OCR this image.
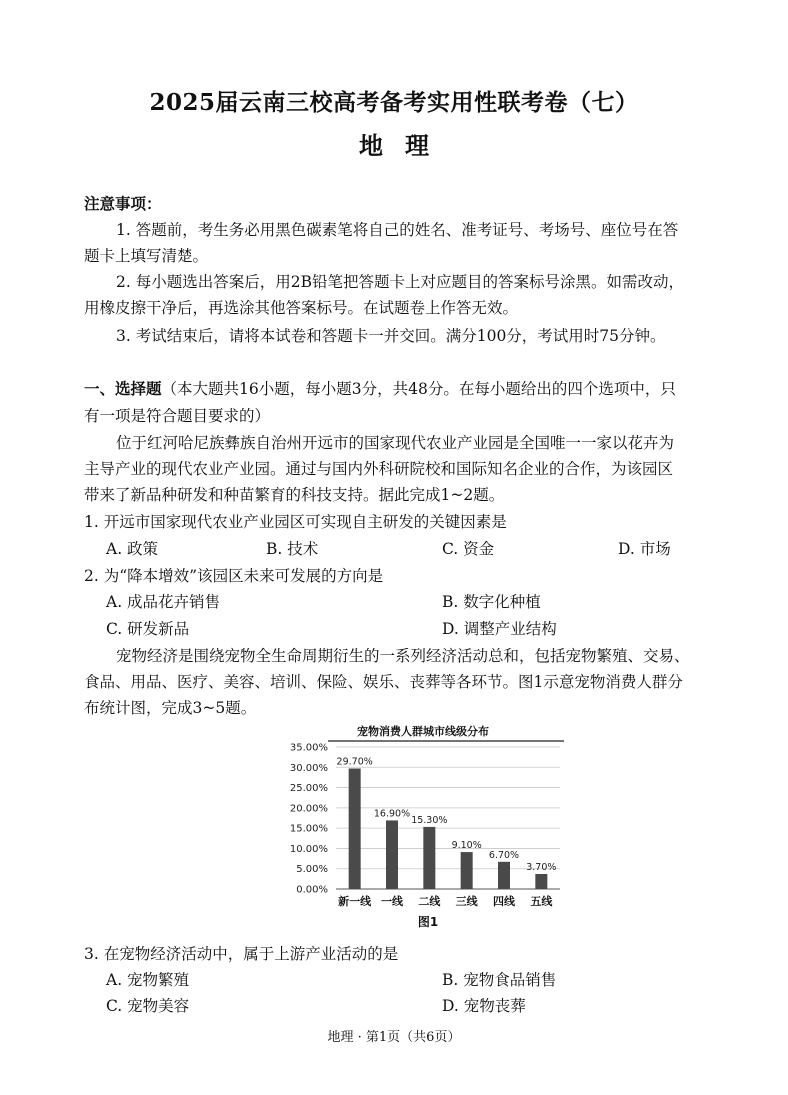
2025届云南三校高考备考实用性联考卷（七）
地理
注意事项：
1. 答题前，考生务必用黑色碳素笔将自己的姓名、准考证号、考场号、座位号在答
题卡上填写清楚。
2. 每小题选出答案后，用2B铅笔把答题卡上对应题目的答案标号涂黑。如需改动，
用橡皮擦干净后，再选涂其他答案标号。在试题卷上作答无效。
3. 考试结束后，请将本试卷和答题卡一并交回。满分100分，考试用时75分钟。
一、选择题（本大题共16小题，每小题3分，共48分。在每小题给出的四个选项中，只
有一项是符合题目要求的）
位于红河哈尼族彝族自治州开远市的国家现代农业产业园是全国唯一一家以花卉为
主导产业的现代农业产业园。通过与国内外科研院校和国际知名企业的合作，为该园区
带来了新品种研发和种苗繁育的科技支持。据此完成1~2题。
1. 开远市国家现代农业产业园区可实现自主研发的关键因素是
A. 政策	B. 技术	C. 资金	D. 市场
2. 为“降本增效”该园区未来可发展的方向是
A. 成品花卉销售	B. 数字化种植
C. 研发新品	D. 调整产业结构
宠物经济是围绕宠物全生命周期衍生的一系列经济活动总和，包括宠物繁殖、交易、
食品、用品、医疗、美容、培训、保险、娱乐、丧葬等各环节。图1示意宠物消费人群分
布统计图，完成3~5题。
宠物消费人群城市线级分布
0.00%
5.00%
10.00%
15.00%
20.00%
25.00%
30.00%
35.00%
29.70%
新一线
16.90%
一线
15.30%
二线
9.10%
三线
6.70%
四线
3.70%
五线
图1
3. 在宠物经济活动中，属于上游产业活动的是
A. 宠物繁殖	B. 宠物食品销售
C. 宠物美容	D. 宠物丧葬
地理 · 第1页（共6页）
